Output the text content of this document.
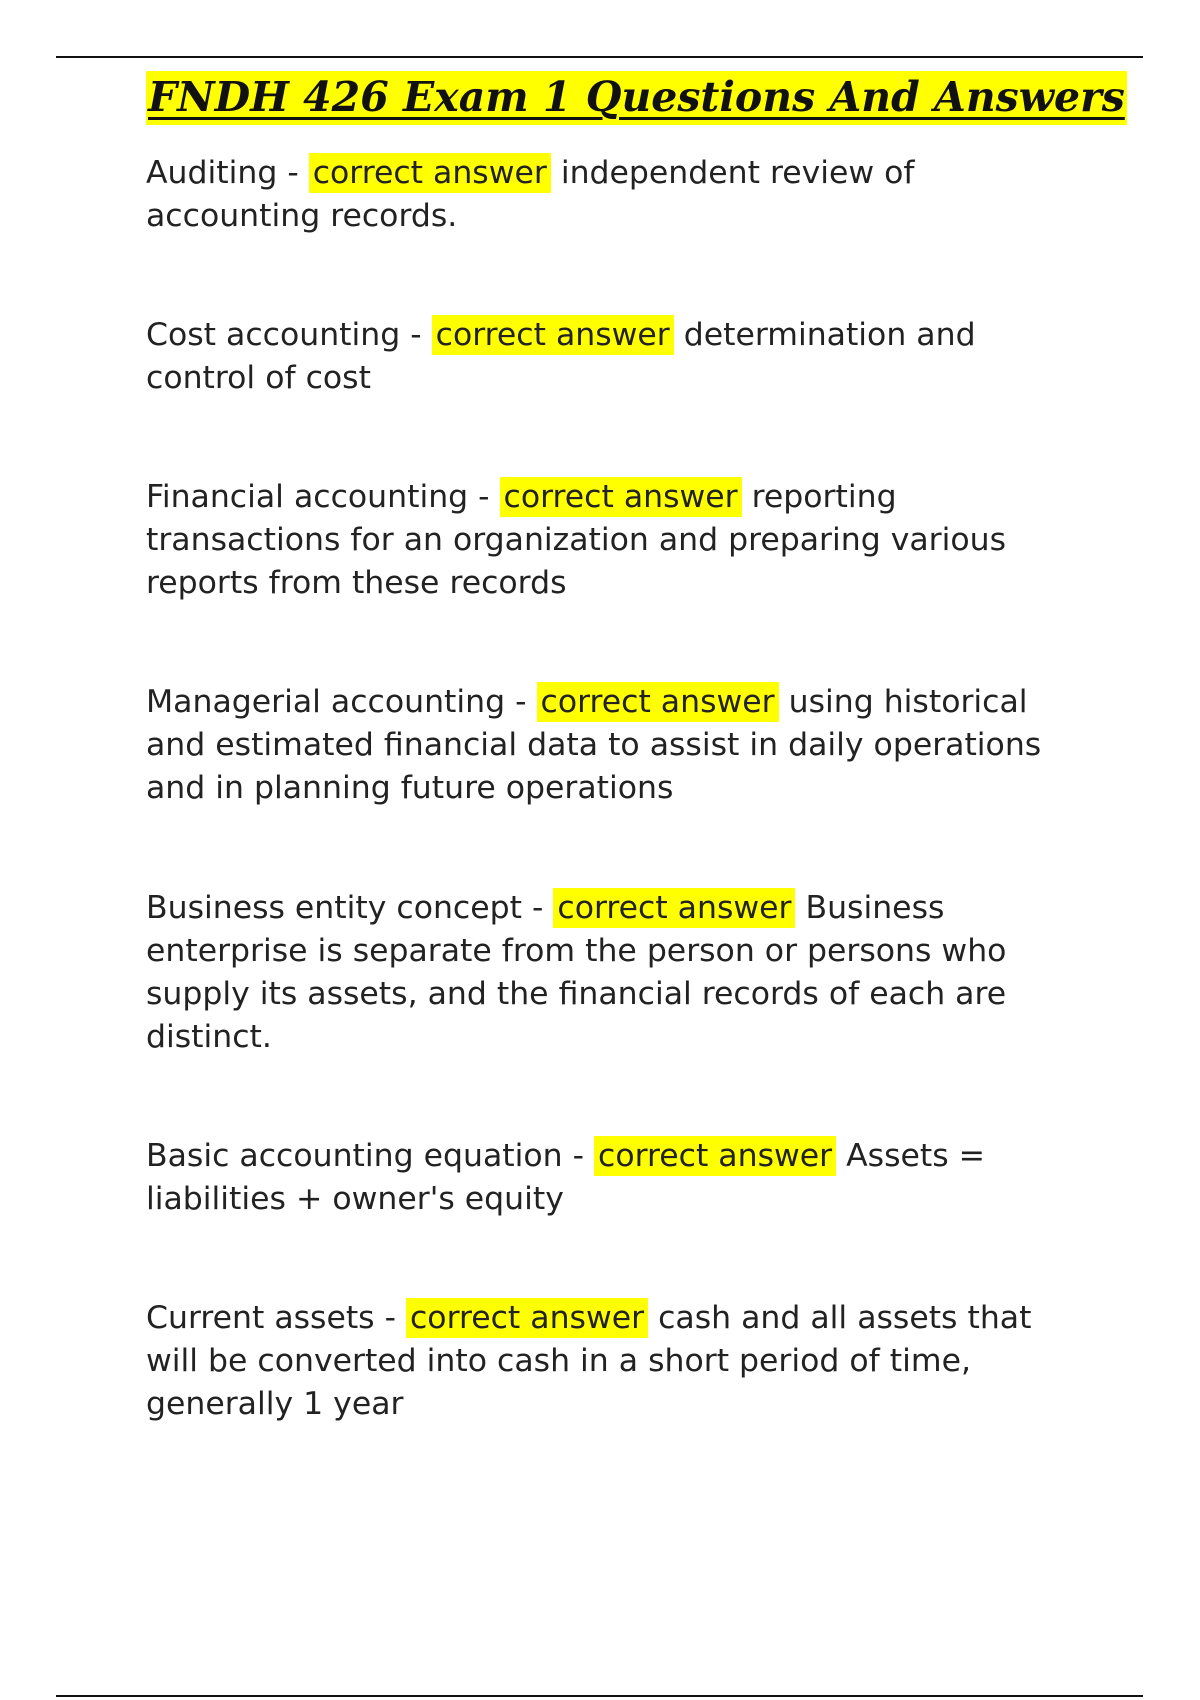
FNDH 426 Exam 1 Questions And Answers

Auditing - correct answer independent review of accounting records.

Cost accounting - correct answer determination and control of cost

Financial accounting - correct answer reporting transactions for an organization and preparing various reports from these records

Managerial accounting - correct answer using historical and estimated financial data to assist in daily operations and in planning future operations

Business entity concept - correct answer Business enterprise is separate from the person or persons who supply its assets, and the financial records of each are distinct.

Basic accounting equation - correct answer Assets = liabilities + owner's equity

Current assets - correct answer cash and all assets that will be converted into cash in a short period of time, generally 1 year
